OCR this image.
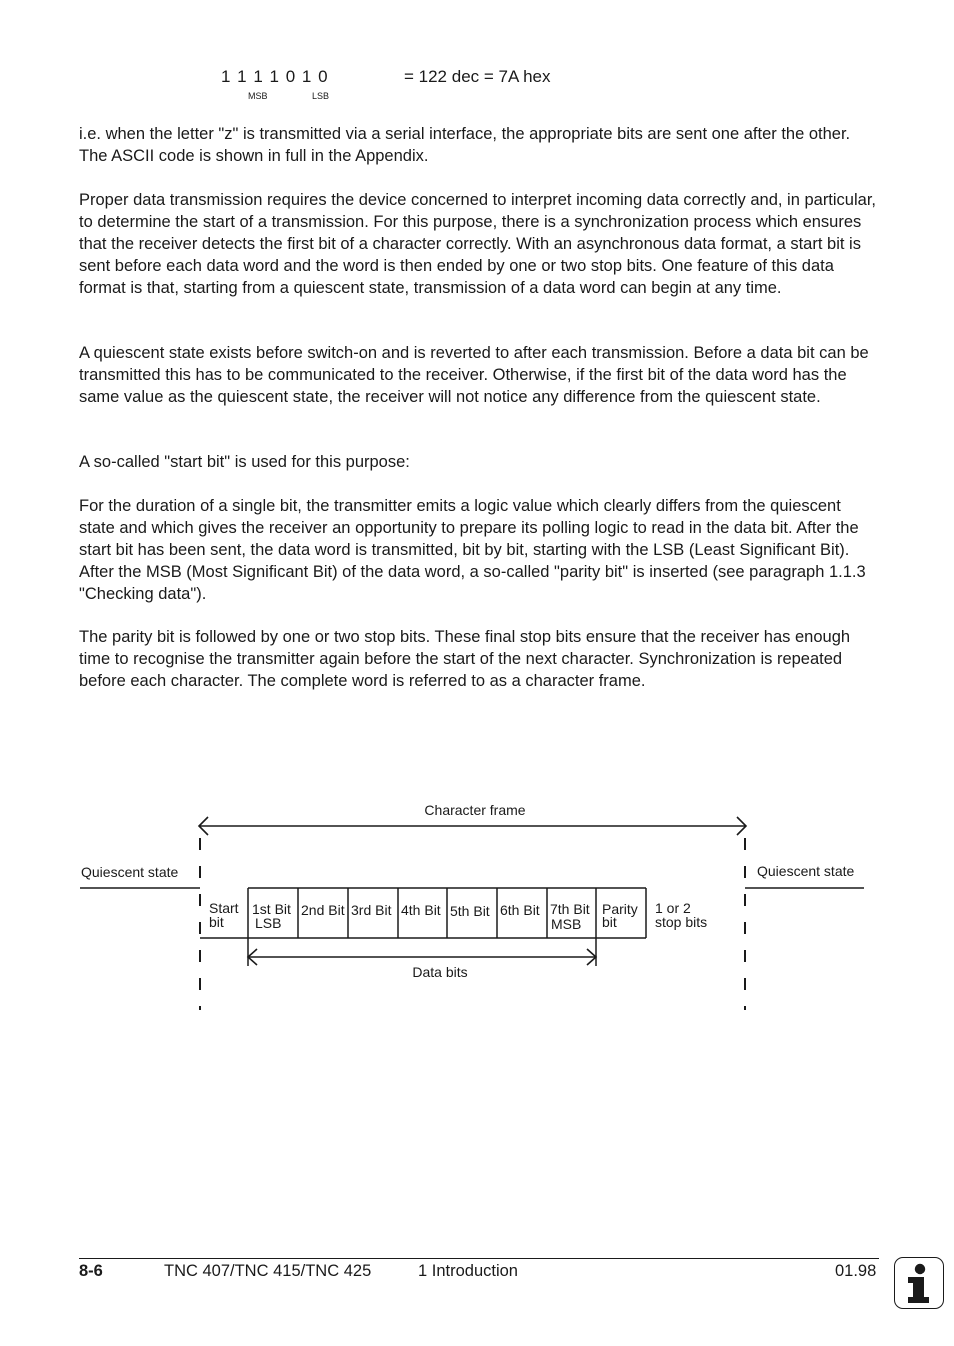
1 1 1 1 0 1 0	= 122 dec = 7A hex
MSB	LSB

i.e. when the letter "z" is transmitted via a serial interface, the appropriate bits are sent one after the other. The ASCII code is shown in full in the Appendix.

Proper data transmission requires the device concerned to interpret incoming data correctly and, in particular, to determine the start of a transmission. For this purpose, there is a synchronization process which ensures that the receiver detects the first bit of a character correctly. With an asynchronous data format, a start bit is sent before each data word and the word is then ended by one or two stop bits. One feature of this data format is that, starting from a quiescent state, transmission of a data word can begin at any time.

A quiescent state exists before switch-on and is reverted to after each transmission. Before a data bit can be transmitted this has to be communicated to the receiver. Otherwise, if the first bit of the data word has the same value as the quiescent state, the receiver will not notice any difference from the quiescent state.

A so-called "start bit" is used for this purpose:

For the duration of a single bit, the transmitter emits a logic value which clearly differs from the quiescent state and which gives the receiver an opportunity to prepare its polling logic to read in the data bit. After the start bit has been sent, the data word is transmitted, bit by bit, starting with the LSB (Least Significant Bit). After the MSB (Most Significant Bit) of the data word, a so-called "parity bit" is inserted (see paragraph 1.1.3 "Checking data").

The parity bit is followed by one or two stop bits. These final stop bits ensure that the receiver has enough time to recognise the transmitter again before the start of the next character. Synchronization is repeated before each character. The complete word is referred to as a character frame.

Character frame
Quiescent state	Quiescent state
Start
bit
1st Bit
LSB
2nd Bit 3rd Bit 4th Bit 5th Bit 6th Bit 7th Bit
MSB
Parity
bit
1 or 2
stop bits
Data bits
8-6	TNC 407/TNC 415/TNC 425	1 Introduction	01.98
